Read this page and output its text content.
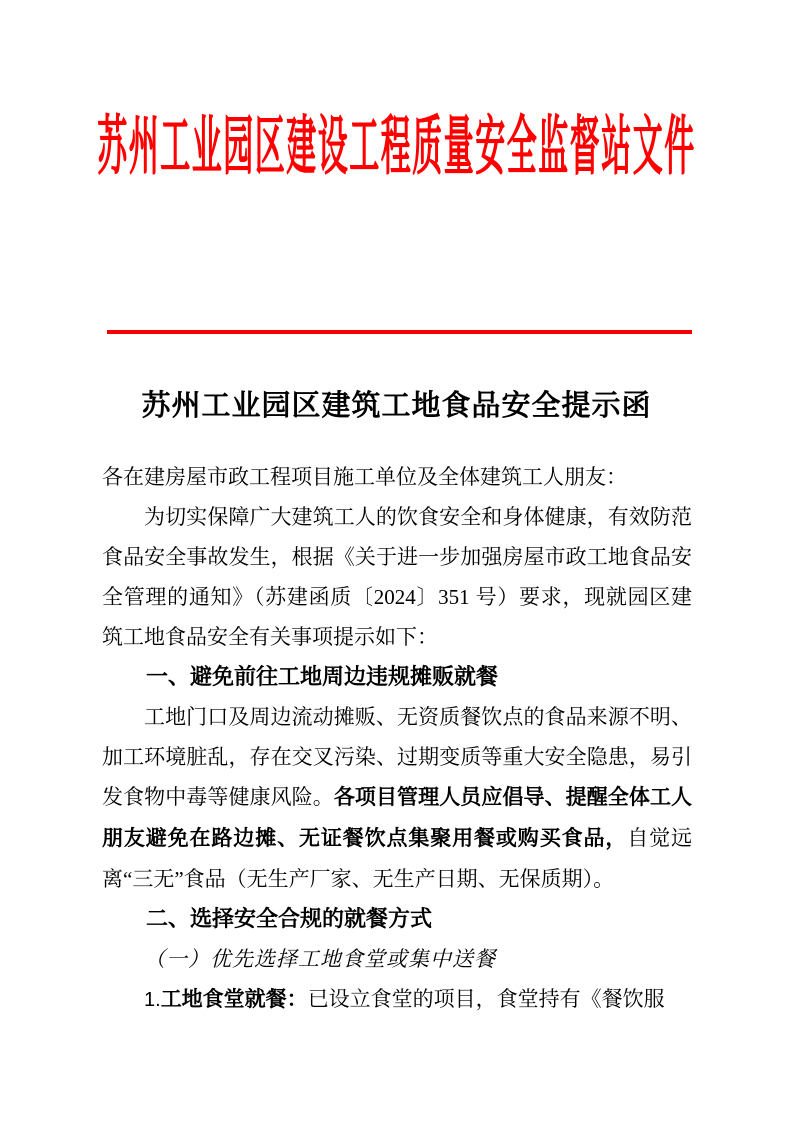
苏州工业园区建设工程质量安全监督站文件
苏州工业园区建筑工地食品安全提示函

各在建房屋市政工程项目施工单位及全体建筑工人朋友：

为切实保障广大建筑工人的饮食安全和身体健康，有效防范食品安全事故发生，根据《关于进一步加强房屋市政工地食品安全管理的通知》（苏建函质〔2024〕351 号）要求，现就园区建筑工地食品安全有关事项提示如下：

一、避免前往工地周边违规摊贩就餐

工地门口及周边流动摊贩、无资质餐饮点的食品来源不明、加工环境脏乱，存在交叉污染、过期变质等重大安全隐患，易引发食物中毒等健康风险。各项目管理人员应倡导、提醒全体工人朋友避免在路边摊、无证餐饮点集聚用餐或购买食品，自觉远离“三无”食品（无生产厂家、无生产日期、无保质期）。

二、选择安全合规的就餐方式

（一）优先选择工地食堂或集中送餐

1.工地食堂就餐：已设立食堂的项目，食堂持有《餐饮服
